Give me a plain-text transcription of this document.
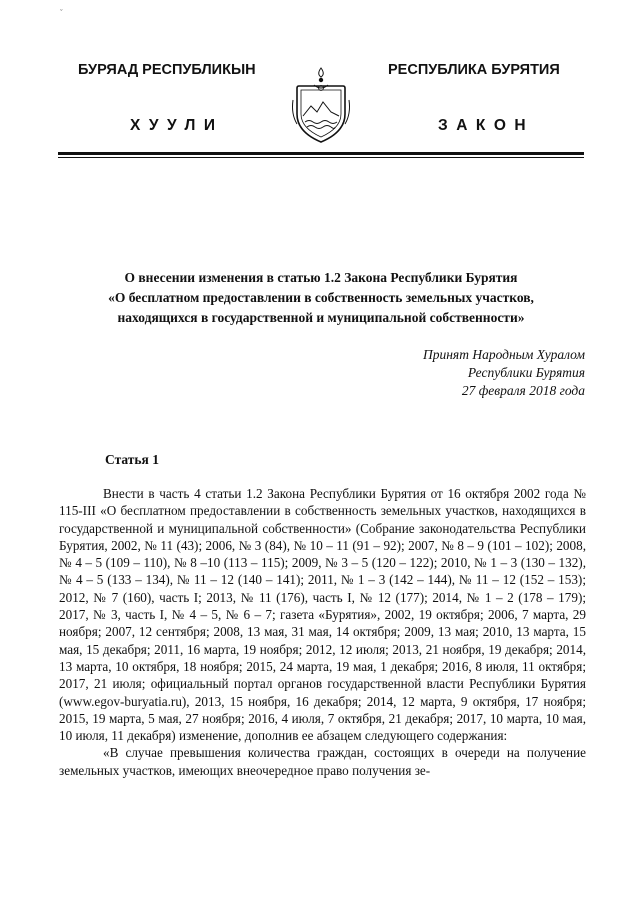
ˇ
БУРЯАД РЕСПУБЛИКЫН
ХУУЛИ
РЕСПУБЛИКА БУРЯТИЯ
ЗАКОН
О внесении изменения в статью 1.2 Закона Республики Бурятия
«О бесплатном предоставлении в собственность земельных участков,
находящихся в государственной и муниципальной собственности»
Принят Народным Хуралом
Республики Бурятия
27 февраля 2018 года
Статья 1

Внести в часть 4 статьи 1.2 Закона Республики Бурятия от 16 октября 2002 года № 115-III «О бесплатном предоставлении в собственность земельных участков, находящихся в государственной и муниципальной собственности» (Собрание законодательства Республики Бурятия, 2002, № 11 (43); 2006, № 3 (84), № 10 – 11 (91 – 92); 2007, № 8 – 9 (101 – 102); 2008, № 4 – 5 (109 – 110), № 8 –10 (113 – 115); 2009, № 3 – 5 (120 – 122); 2010, № 1 – 3 (130 – 132), № 4 – 5 (133 – 134), № 11 – 12 (140 – 141); 2011, № 1 – 3 (142 – 144), № 11 – 12 (152 – 153); 2012, № 7 (160), часть I; 2013, № 11 (176), часть I, № 12 (177); 2014, № 1 – 2 (178 – 179); 2017, № 3, часть I, № 4 – 5, № 6 – 7; газета «Бурятия», 2002, 19 октября; 2006, 7 марта, 29 ноября; 2007, 12 сентября; 2008, 13 мая, 31 мая, 14 октября; 2009, 13 мая; 2010, 13 марта, 15 мая, 15 декабря; 2011, 16 марта, 19 ноября; 2012, 12 июля; 2013, 21 ноября, 19 декабря; 2014, 13 марта, 10 октября, 18 ноября; 2015, 24 марта, 19 мая, 1 декабря; 2016, 8 июля, 11 октября; 2017, 21 июля; официальный портал органов государственной власти Республики Бурятия (www.egov-buryatia.ru), 2013, 15 ноября, 16 декабря; 2014, 12 марта, 9 октября, 17 ноября; 2015, 19 марта, 5 мая, 27 ноября; 2016, 4 июля, 7 октября, 21 декабря; 2017, 10 марта, 10 мая, 10 июля, 11 декабря) изменение, дополнив ее абзацем следующего содержания:

«В случае превышения количества граждан, состоящих в очереди на получение земельных участков, имеющих внеочередное право получения зе-
